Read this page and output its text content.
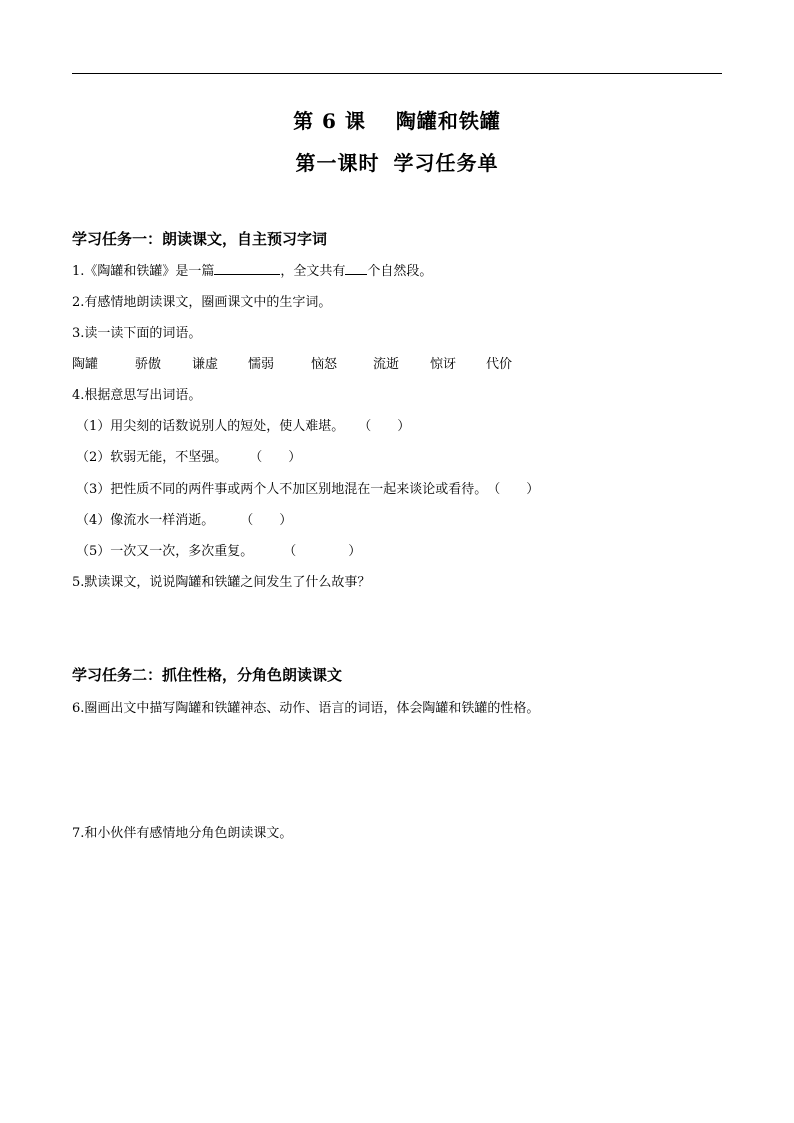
第 6 课 陶罐和铁罐
第一课时 学习任务单
学习任务一：朗读课文，自主预习字词
1.《陶罐和铁罐》是一篇	，全文共有 个自然段。
2.有感情地朗读课文，圈画课文中的生字词。
3.读一读下面的词语。
陶罐	骄傲 谦虚 懦弱	恼怒	流逝 惊讶 代价
4.根据意思写出词语。
（1）用尖刻的话数说别人的短处，使人难堪。 （　　）
（2）软弱无能，不坚强。 （　　）
（3）把性质不同的两件事或两个人不加区别地混在一起来谈论或看待。（　　）
（4）像流水一样消逝。 （　　）
（5）一次又一次，多次重复。 （　　　　）
5.默读课文，说说陶罐和铁罐之间发生了什么故事？
学习任务二：抓住性格，分角色朗读课文
6.圈画出文中描写陶罐和铁罐神态、动作、语言的词语，体会陶罐和铁罐的性格。
7.和小伙伴有感情地分角色朗读课文。
